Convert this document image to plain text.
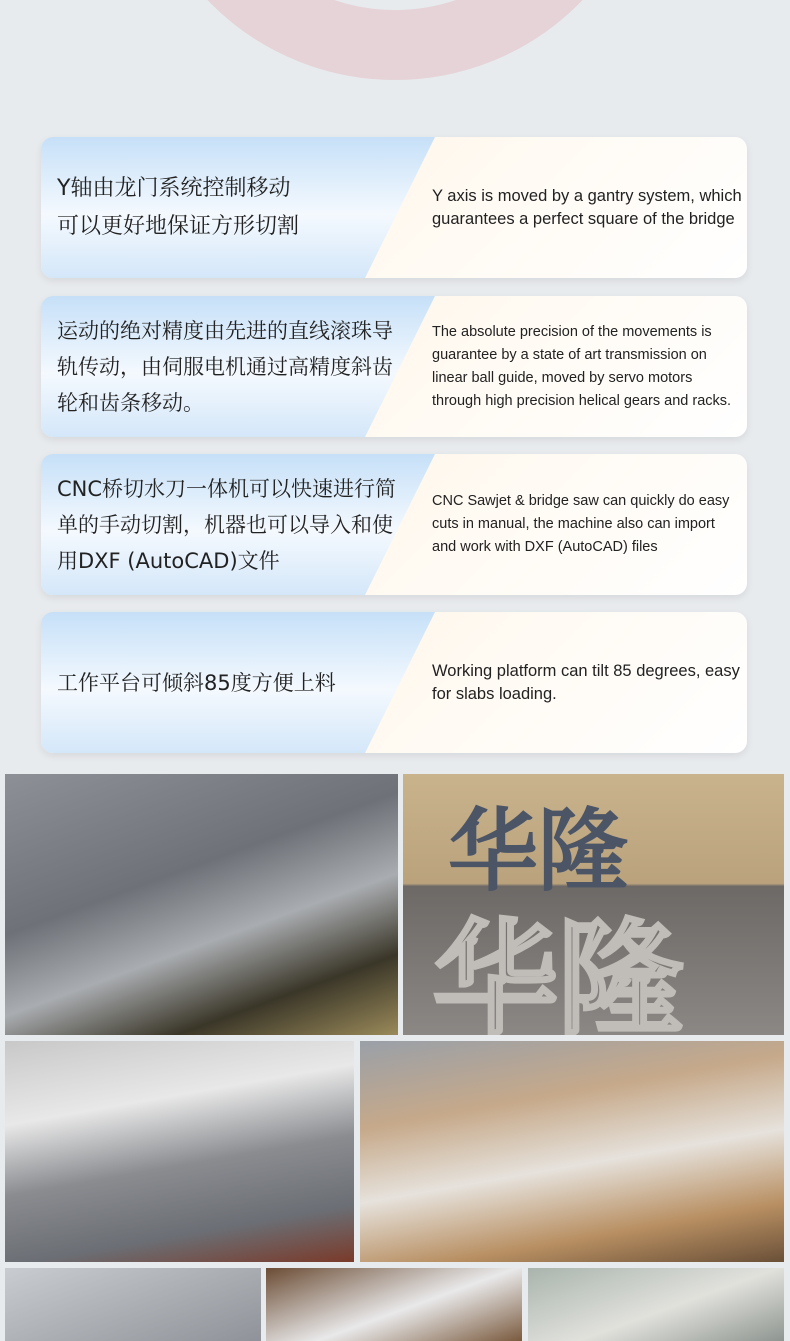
Y轴由龙门系统控制移动
可以更好地保证方形切割
Y axis is moved by a gantry system, which guarantees a perfect square of the bridge
运动的绝对精度由先进的直线滚珠导轨传动，由伺服电机通过高精度斜齿轮和齿条移动。
The absolute precision of the movements is guarantee by a state of art transmission on linear ball guide, moved by servo motors through high precision helical gears and racks.
CNC桥切水刀一体机可以快速进行简单的手动切割，机器也可以导入和使用DXF (AutoCAD)文件
CNC Sawjet & bridge saw can quickly do easy cuts in manual, the machine also can import and work with DXF (AutoCAD) files
工作平台可倾斜85度方便上料	Working platform can tilt 85 degrees, easy for slabs loading.
华隆
华隆
